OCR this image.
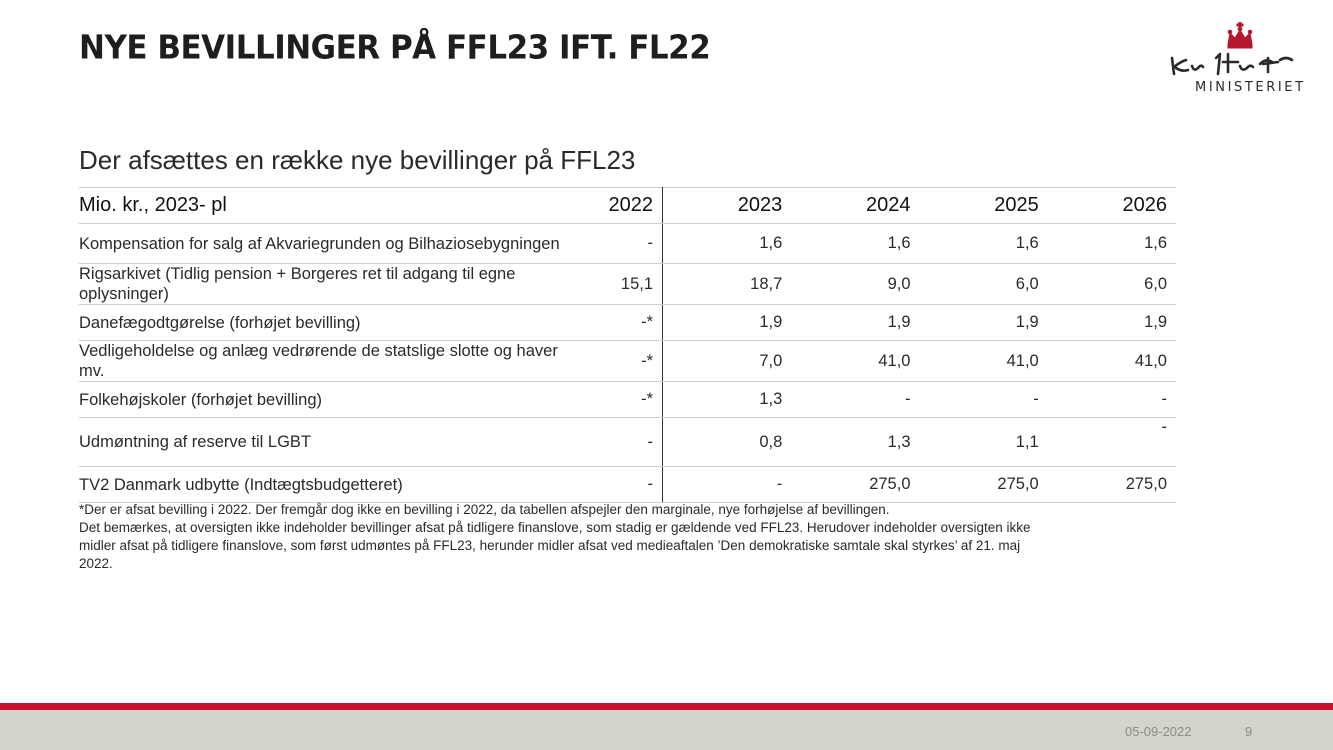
NYE BEVILLINGER PÅ FFL23 IFT. FL22
MINISTERIET
Der afsættes en række nye bevillinger på FFL23
Mio. kr., 2023- pl	2022	2023	2024	2025	2026
Kompensation for salg af Akvariegrunden og Bilhaziosebygningen	-	1,6	1,6	1,6	1,6
Rigsarkivet (Tidlig pension + Borgeres ret til adgang til egne oplysninger)	15,1	18,7	9,0	6,0	6,0
Danefægodtgørelse (forhøjet bevilling)	-*	1,9	1,9	1,9	1,9
Vedligeholdelse og anlæg vedrørende de statslige slotte og haver mv.	-*	7,0	41,0	41,0	41,0
Folkehøjskoler (forhøjet bevilling)	-*	1,3	-	-	-
Udmøntning af reserve til LGBT	-	0,8	1,3	1,1	-
TV2 Danmark udbytte (Indtægtsbudgetteret)	-	-	275,0	275,0	275,0

*Der er afsat bevilling i 2022. Der fremgår dog ikke en bevilling i 2022, da tabellen afspejler den marginale, nye forhøjelse af bevillingen.

Det bemærkes, at oversigten ikke indeholder bevillinger afsat på tidligere finanslove, som stadig er gældende ved FFL23. Herudover indeholder oversigten ikke midler afsat på tidligere finanslove, som først udmøntes på FFL23, herunder midler afsat ved medieaftalen ’Den demokratiske samtale skal styrkes’ af 21. maj 2022.

05-09-2022	9
